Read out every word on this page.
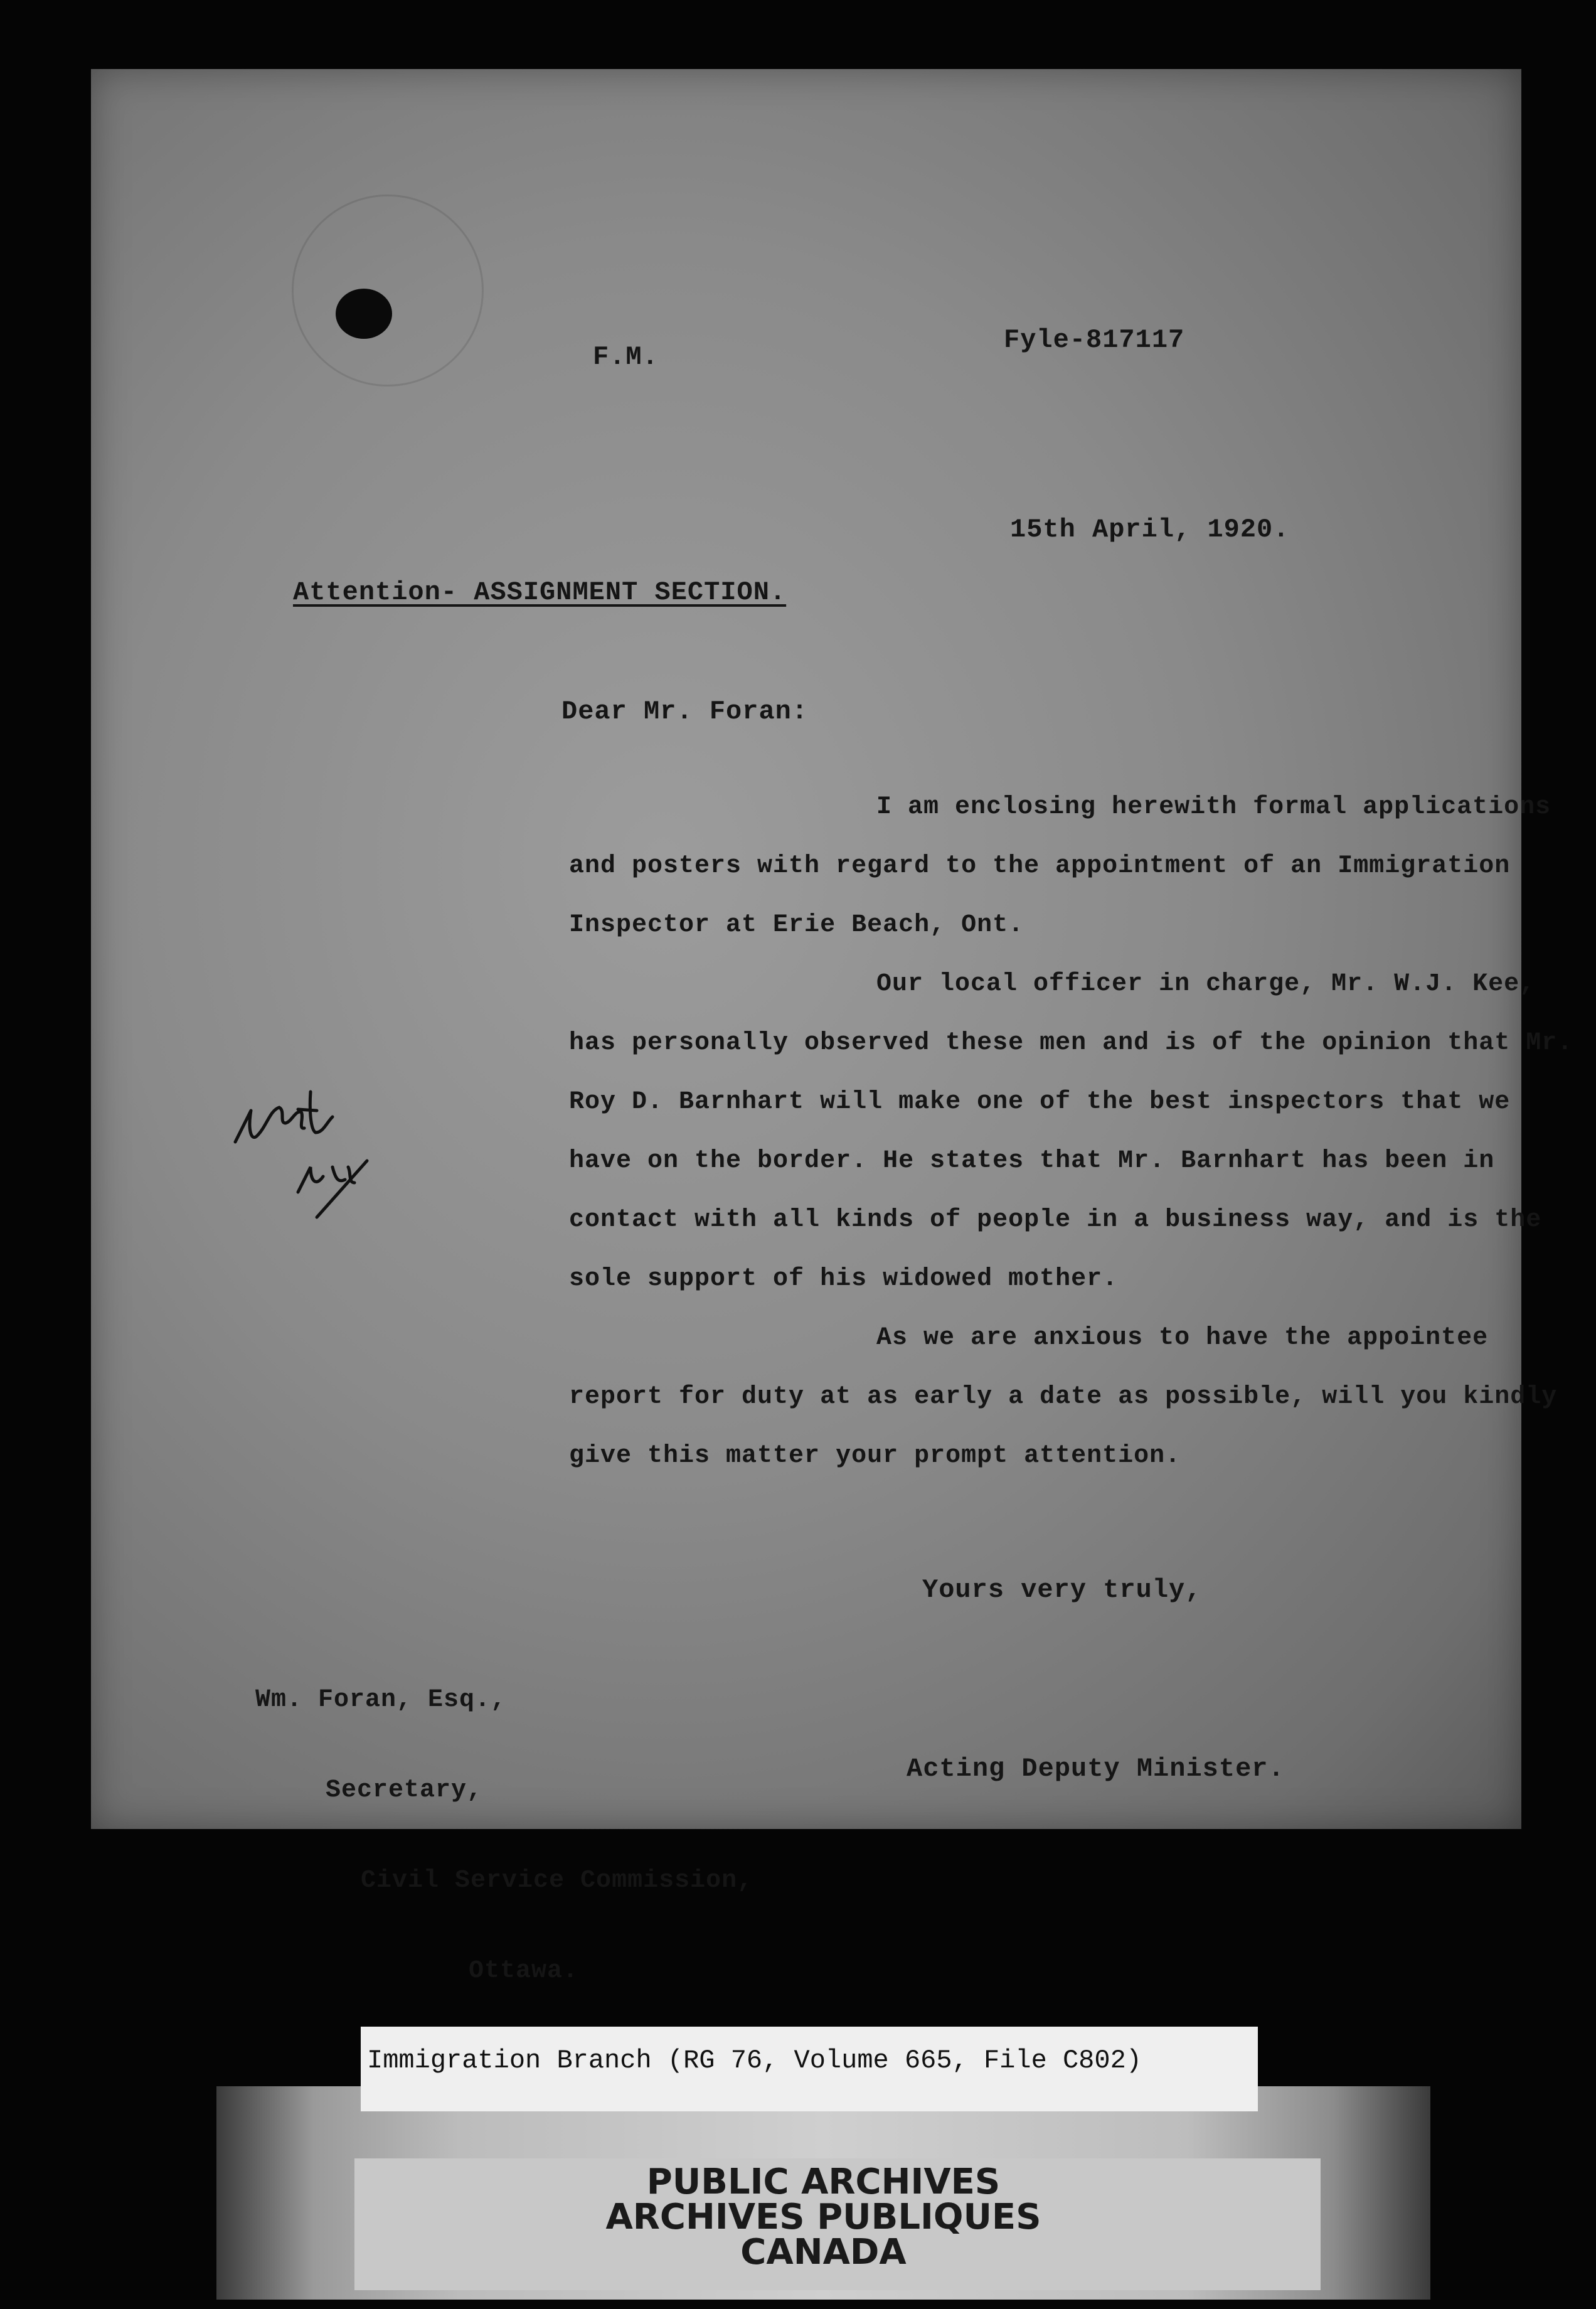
F.M.
Fyle-817117
15th April, 1920.
Attention- ASSIGNMENT SECTION.
Dear Mr. Foran:

I am enclosing herewith formal applications and posters with regard to the appointment of an Immigration Inspector at Erie Beach, Ont.

Our local officer in charge, Mr. W.J. Kee, has personally observed these men and is of the opinion that Mr. Roy D. Barnhart will make one of the best inspectors that we have on the border. He states that Mr. Barnhart has been in contact with all kinds of people in a business way, and is the sole support of his widowed mother.

As we are anxious to have the appointee report for duty at as early a date as possible, will you kindly give this matter your prompt attention.

Yours very truly,

Wm. Foran, Esq.,

Secretary,

Civil Service Commission,

Ottawa.

Acting Deputy Minister.
PUBLIC ARCHIVES
ARCHIVES PUBLIQUES
CANADA
Immigration Branch (RG 76, Volume 665, File C802)
